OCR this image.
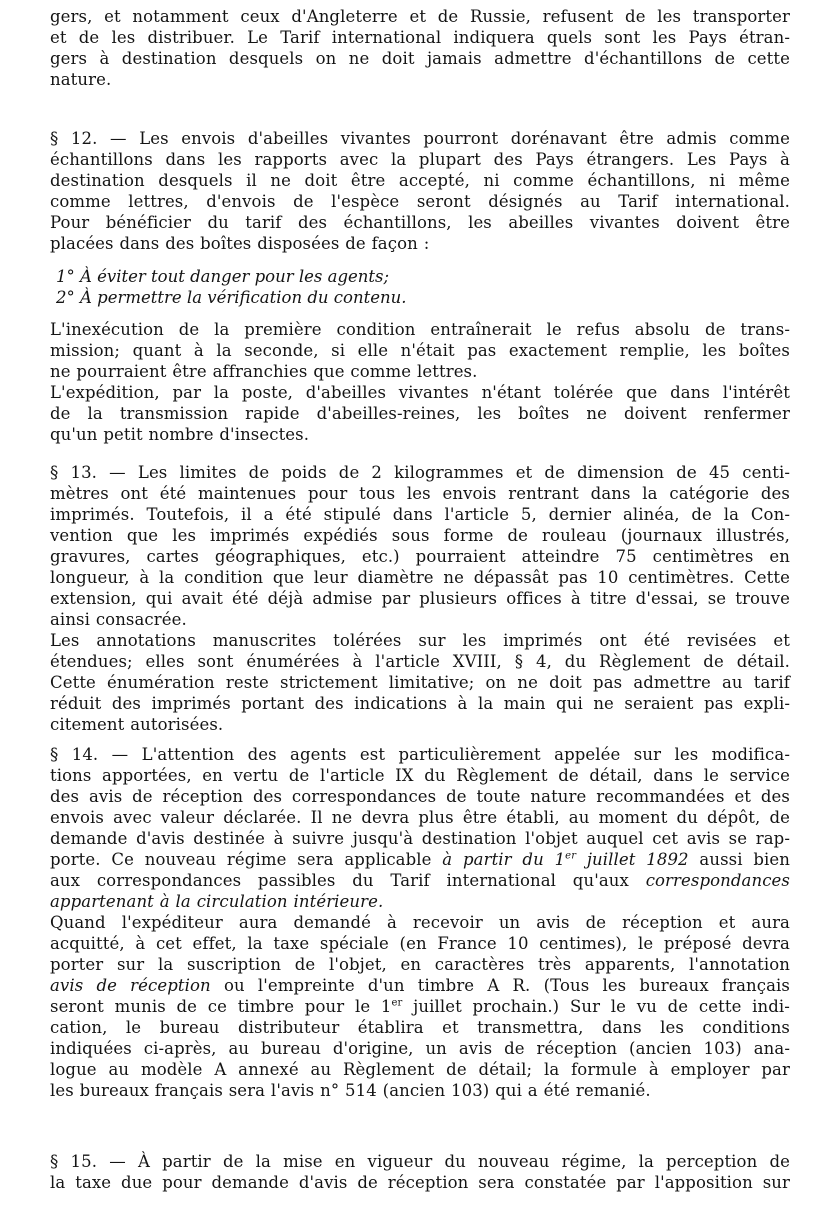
gers, et notamment ceux d'Angleterre et de Russie, refusent de les transporter
et de les distribuer. Le Tarif international indiquera quels sont les Pays étran-
gers à destination desquels on ne doit jamais admettre d'échantillons de cette
nature.
§ 12. — Les envois d'abeilles vivantes pourront dorénavant être admis comme
échantillons dans les rapports avec la plupart des Pays étrangers. Les Pays à
destination desquels il ne doit être accepté, ni comme échantillons, ni même
comme lettres, d'envois de l'espèce seront désignés au Tarif international.
Pour bénéficier du tarif des échantillons, les abeilles vivantes doivent être
placées dans des boîtes disposées de façon :
1° À éviter tout danger pour les agents;
2° À permettre la vérification du contenu.
L'inexécution de la première condition entraînerait le refus absolu de trans-
mission; quant à la seconde, si elle n'était pas exactement remplie, les boîtes
ne pourraient être affranchies que comme lettres.
L'expédition, par la poste, d'abeilles vivantes n'étant tolérée que dans l'intérêt
de la transmission rapide d'abeilles-reines, les boîtes ne doivent renfermer
qu'un petit nombre d'insectes.
§ 13. — Les limites de poids de 2 kilogrammes et de dimension de 45 centi-
mètres ont été maintenues pour tous les envois rentrant dans la catégorie des
imprimés. Toutefois, il a été stipulé dans l'article 5, dernier alinéa, de la Con-
vention que les imprimés expédiés sous forme de rouleau (journaux illustrés,
gravures, cartes géographiques, etc.) pourraient atteindre 75 centimètres en
longueur, à la condition que leur diamètre ne dépassât pas 10 centimètres. Cette
extension, qui avait été déjà admise par plusieurs offices à titre d'essai, se trouve
ainsi consacrée.
Les annotations manuscrites tolérées sur les imprimés ont été revisées et
étendues; elles sont énumérées à l'article XVIII, § 4, du Règlement de détail.
Cette énumération reste strictement limitative; on ne doit pas admettre au tarif
réduit des imprimés portant des indications à la main qui ne seraient pas expli-
citement autorisées.
§ 14. — L'attention des agents est particulièrement appelée sur les modifica-
tions apportées, en vertu de l'article IX du Règlement de détail, dans le service
des avis de réception des correspondances de toute nature recommandées et des
envois avec valeur déclarée. Il ne devra plus être établi, au moment du dépôt, de
demande d'avis destinée à suivre jusqu'à destination l'objet auquel cet avis se rap-
porte. Ce nouveau régime sera applicable à partir du 1er juillet 1892 aussi bien
aux correspondances passibles du Tarif international qu'aux correspondances
appartenant à la circulation intérieure.
Quand l'expéditeur aura demandé à recevoir un avis de réception et aura
acquitté, à cet effet, la taxe spéciale (en France 10 centimes), le préposé devra
porter sur la suscription de l'objet, en caractères très apparents, l'annotation
avis de réception ou l'empreinte d'un timbre A R. (Tous les bureaux français
seront munis de ce timbre pour le 1er juillet prochain.) Sur le vu de cette indi-
cation, le bureau distributeur établira et transmettra, dans les conditions
indiquées ci-après, au bureau d'origine, un avis de réception (ancien 103) ana-
logue au modèle A annexé au Règlement de détail; la formule à employer par
les bureaux français sera l'avis n° 514 (ancien 103) qui a été remanié.
§ 15. — À partir de la mise en vigueur du nouveau régime, la perception de
la taxe due pour demande d'avis de réception sera constatée par l'apposition sur
